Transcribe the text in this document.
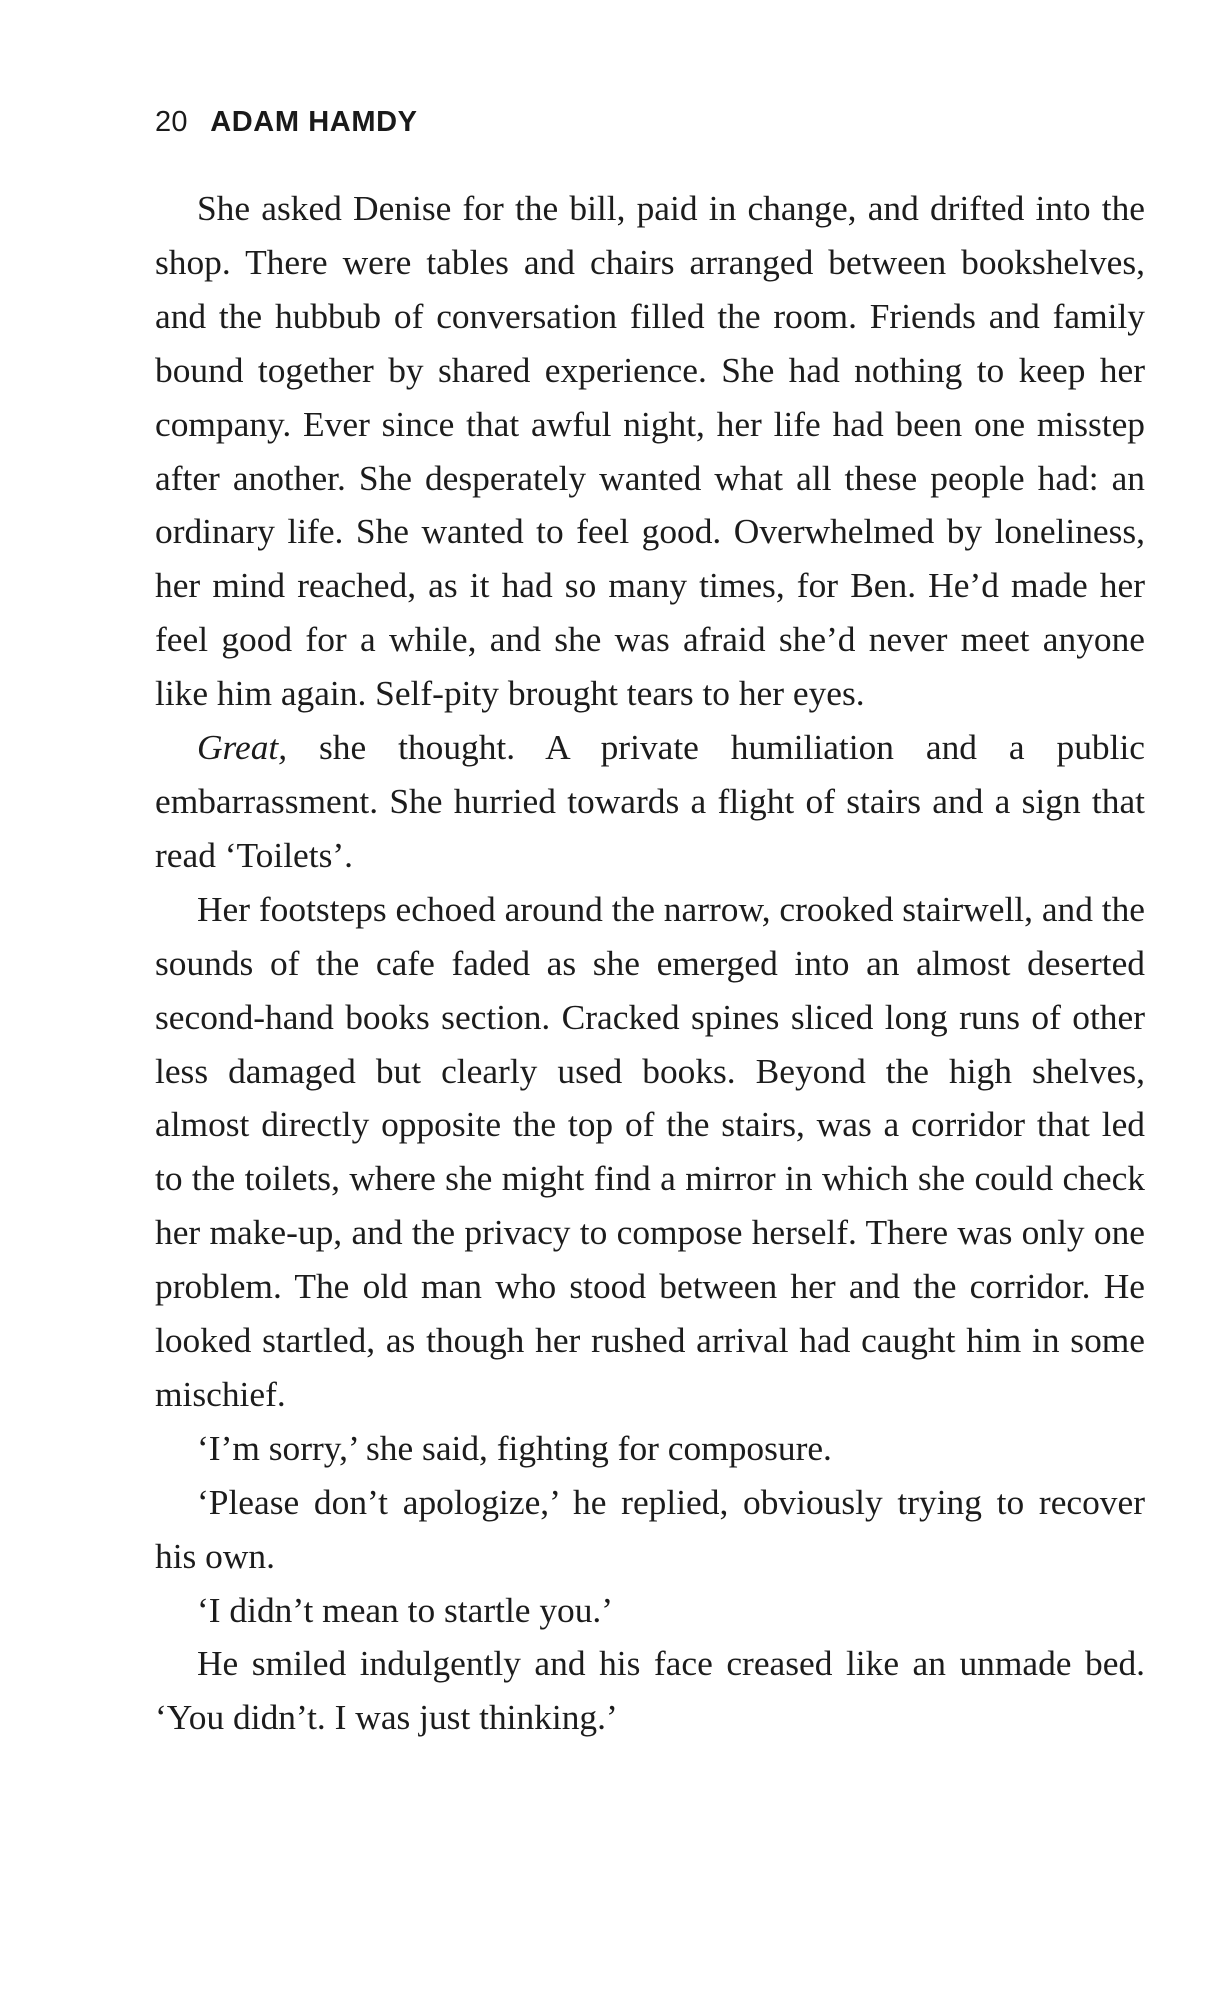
20 ADAM HAMDY

She asked Denise for the bill, paid in change, and drifted into the shop. There were tables and chairs arranged between bookshelves, and the hubbub of conversation filled the room. Friends and family bound together by shared experience. She had nothing to keep her company. Ever since that awful night, her life had been one misstep after another. She desperately wanted what all these people had: an ordinary life. She wanted to feel good. Overwhelmed by loneliness, her mind reached, as it had so many times, for Ben. He’d made her feel good for a while, and she was afraid she’d never meet anyone like him again. Self-pity brought tears to her eyes.

Great, she thought. A private humiliation and a public embarrassment. She hurried towards a flight of stairs and a sign that read ‘Toilets’.

Her footsteps echoed around the narrow, crooked stairwell, and the sounds of the cafe faded as she emerged into an almost deserted second-hand books section. Cracked spines sliced long runs of other less damaged but clearly used books. Beyond the high shelves, almost directly opposite the top of the stairs, was a corridor that led to the toilets, where she might find a mirror in which she could check her make-up, and the privacy to compose herself. There was only one problem. The old man who stood between her and the corridor. He looked startled, as though her rushed arrival had caught him in some mischief.

‘I’m sorry,’ she said, fighting for composure.

‘Please don’t apologize,’ he replied, obviously trying to recover his own.

‘I didn’t mean to startle you.’

He smiled indulgently and his face creased like an unmade bed. ‘You didn’t. I was just thinking.’
